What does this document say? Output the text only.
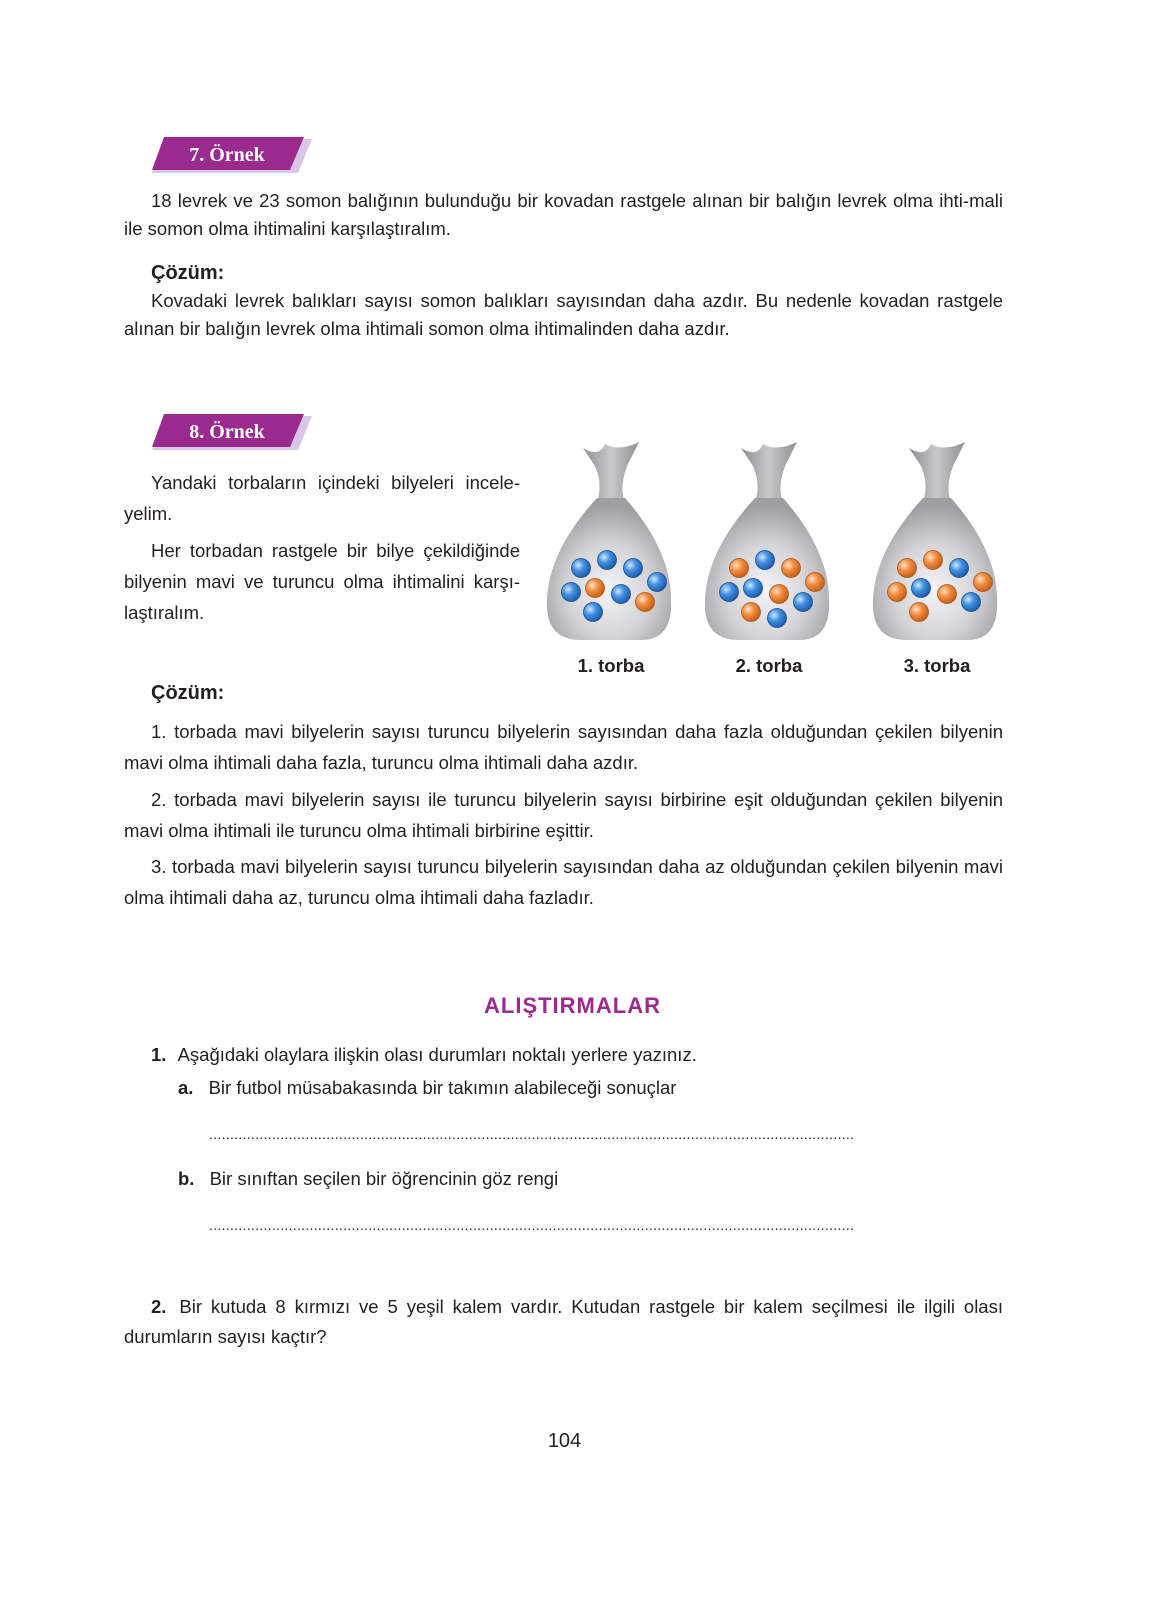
7. Örnek

18 levrek ve 23 somon balığının bulunduğu bir kovadan rastgele alınan bir balığın levrek olma ihti-mali ile somon olma ihtimalini karşılaştıralım.

Çözüm:

Kovadaki levrek balıkları sayısı somon balıkları sayısından daha azdır. Bu nedenle kovadan rastgele alınan bir balığın levrek olma ihtimali somon olma ihtimalinden daha azdır.

8. Örnek

Yandaki torbaların içindeki bilyeleri incele-yelim.

Her torbadan rastgele bir bilye çekildiğinde bilyenin mavi ve turuncu olma ihtimalini karşı-laştıralım.

1. torba	2. torba	3. torba
Çözüm:

1. torbada mavi bilyelerin sayısı turuncu bilyelerin sayısından daha fazla olduğundan çekilen bilyenin mavi olma ihtimali daha fazla, turuncu olma ihtimali daha azdır.

2. torbada mavi bilyelerin sayısı ile turuncu bilyelerin sayısı birbirine eşit olduğundan çekilen bilyenin mavi olma ihtimali ile turuncu olma ihtimali birbirine eşittir.

3. torbada mavi bilyelerin sayısı turuncu bilyelerin sayısından daha az olduğundan çekilen bilyenin mavi olma ihtimali daha az, turuncu olma ihtimali daha fazladır.

ALIŞTIRMALAR
1. Aşağıdaki olaylara ilişkin olası durumları noktalı yerlere yazınız.
a. Bir futbol müsabakasında bir takımın alabileceği sonuçlar
..........................................................................................................................................................
b. Bir sınıftan seçilen bir öğrencinin göz rengi
..........................................................................................................................................................

2. Bir kutuda 8 kırmızı ve 5 yeşil kalem vardır. Kutudan rastgele bir kalem seçilmesi ile ilgili olası durumların sayısı kaçtır?

104
